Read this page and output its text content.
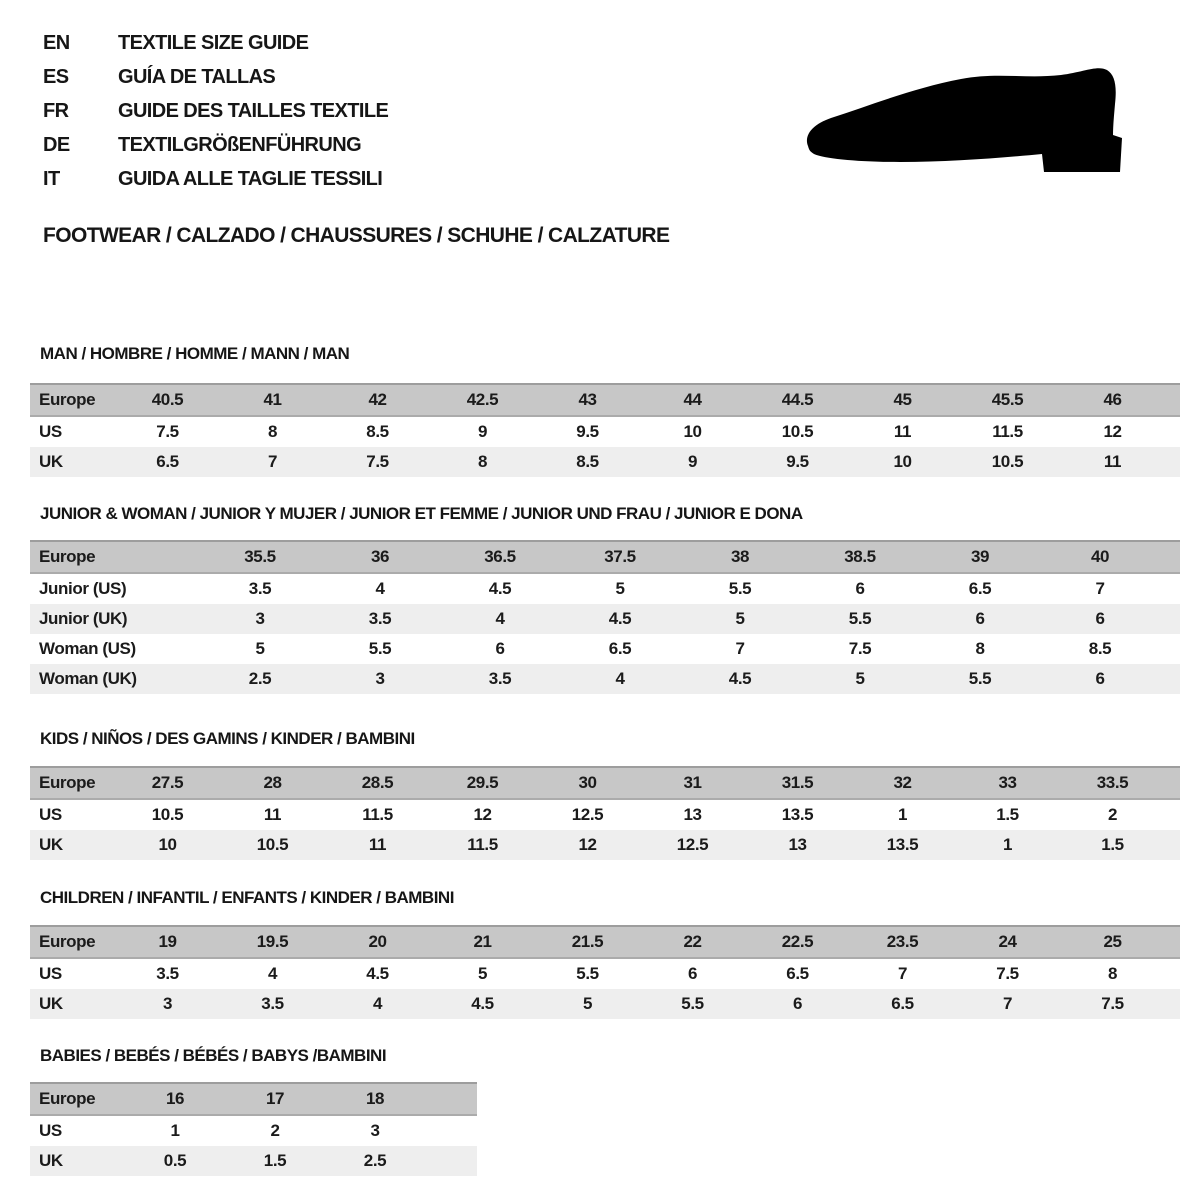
EN	TEXTILE SIZE GUIDE
ES	GUÍA DE TALLAS
FR	GUIDE DES TAILLES TEXTILE
DE	TEXTILGRÖßENFÜHRUNG
IT	GUIDA ALLE TAGLIE TESSILI
FOOTWEAR / CALZADO / CHAUSSURES / SCHUHE / CALZATURE
MAN / HOMBRE / HOMME / MANN / MAN
Europe	40.5	41	42	42.5	43	44	44.5	45	45.5	46	
US	7.5	8	8.5	9	9.5	10	10.5	11	11.5	12	
UK	6.5	7	7.5	8	8.5	9	9.5	10	10.5	11	
JUNIOR & WOMAN / JUNIOR Y MUJER / JUNIOR ET FEMME / JUNIOR UND FRAU / JUNIOR E DONA
Europe	35.5	36	36.5	37.5	38	38.5	39	40	
Junior (US)	3.5	4	4.5	5	5.5	6	6.5	7	
Junior (UK)	3	3.5	4	4.5	5	5.5	6	6	
Woman (US)	5	5.5	6	6.5	7	7.5	8	8.5	
Woman (UK)	2.5	3	3.5	4	4.5	5	5.5	6	
KIDS / NIÑOS / DES GAMINS / KINDER / BAMBINI
Europe	27.5	28	28.5	29.5	30	31	31.5	32	33	33.5	
US	10.5	11	11.5	12	12.5	13	13.5	1	1.5	2	
UK	10	10.5	11	11.5	12	12.5	13	13.5	1	1.5	
CHILDREN / INFANTIL / ENFANTS / KINDER / BAMBINI
Europe	19	19.5	20	21	21.5	22	22.5	23.5	24	25	
US	3.5	4	4.5	5	5.5	6	6.5	7	7.5	8	
UK	3	3.5	4	4.5	5	5.5	6	6.5	7	7.5	
BABIES / BEBÉS / BÉBÉS / BABYS /BAMBINI
Europe	16	17	18	
US	1	2	3	
UK	0.5	1.5	2.5	
